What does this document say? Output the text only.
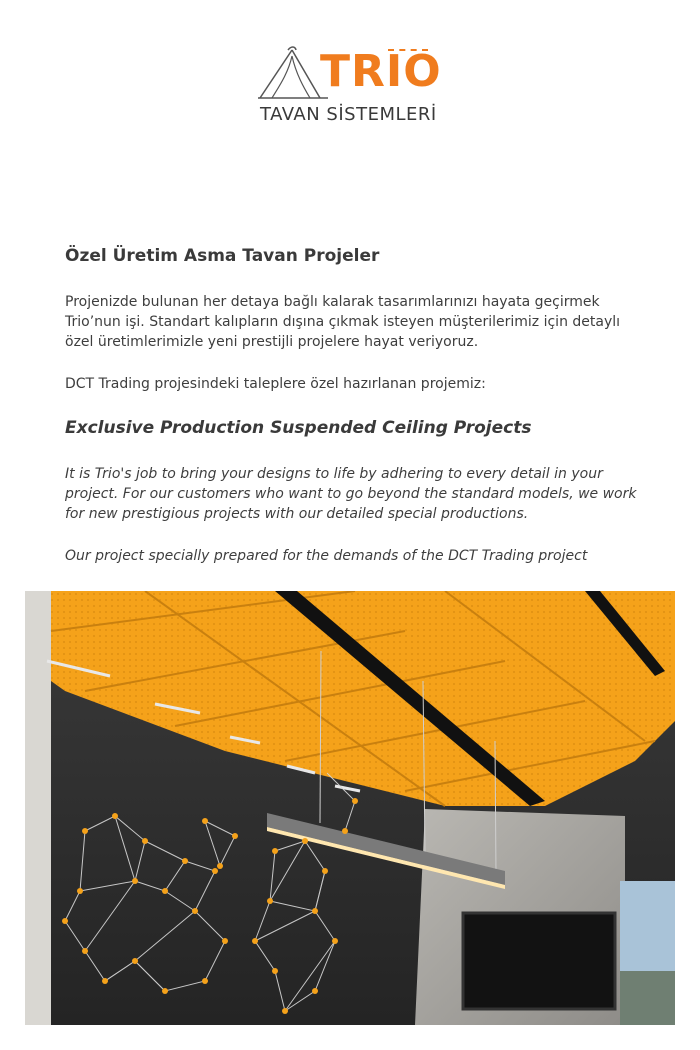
TRIO
TAVAN SİSTEMLERİ
Özel Üretim Asma Tavan Projeler

Projenizde bulunan her detaya bağlı kalarak tasarımlarınızı hayata geçirmek Trio’nun işi. Standart kalıpların dışına çıkmak isteyen müşterilerimiz için detaylı özel üretimlerimizle yeni prestijli projelere hayat veriyoruz.

DCT Trading projesindeki taleplere özel hazırlanan projemiz:

Exclusive Production Suspended Ceiling Projects

It is Trio's job to bring your designs to life by adhering to every detail in your project. For our customers who want to go beyond the standard models, we work for new prestigious projects with our detailed special productions.

Our project specially prepared for the demands of the DCT Trading project
